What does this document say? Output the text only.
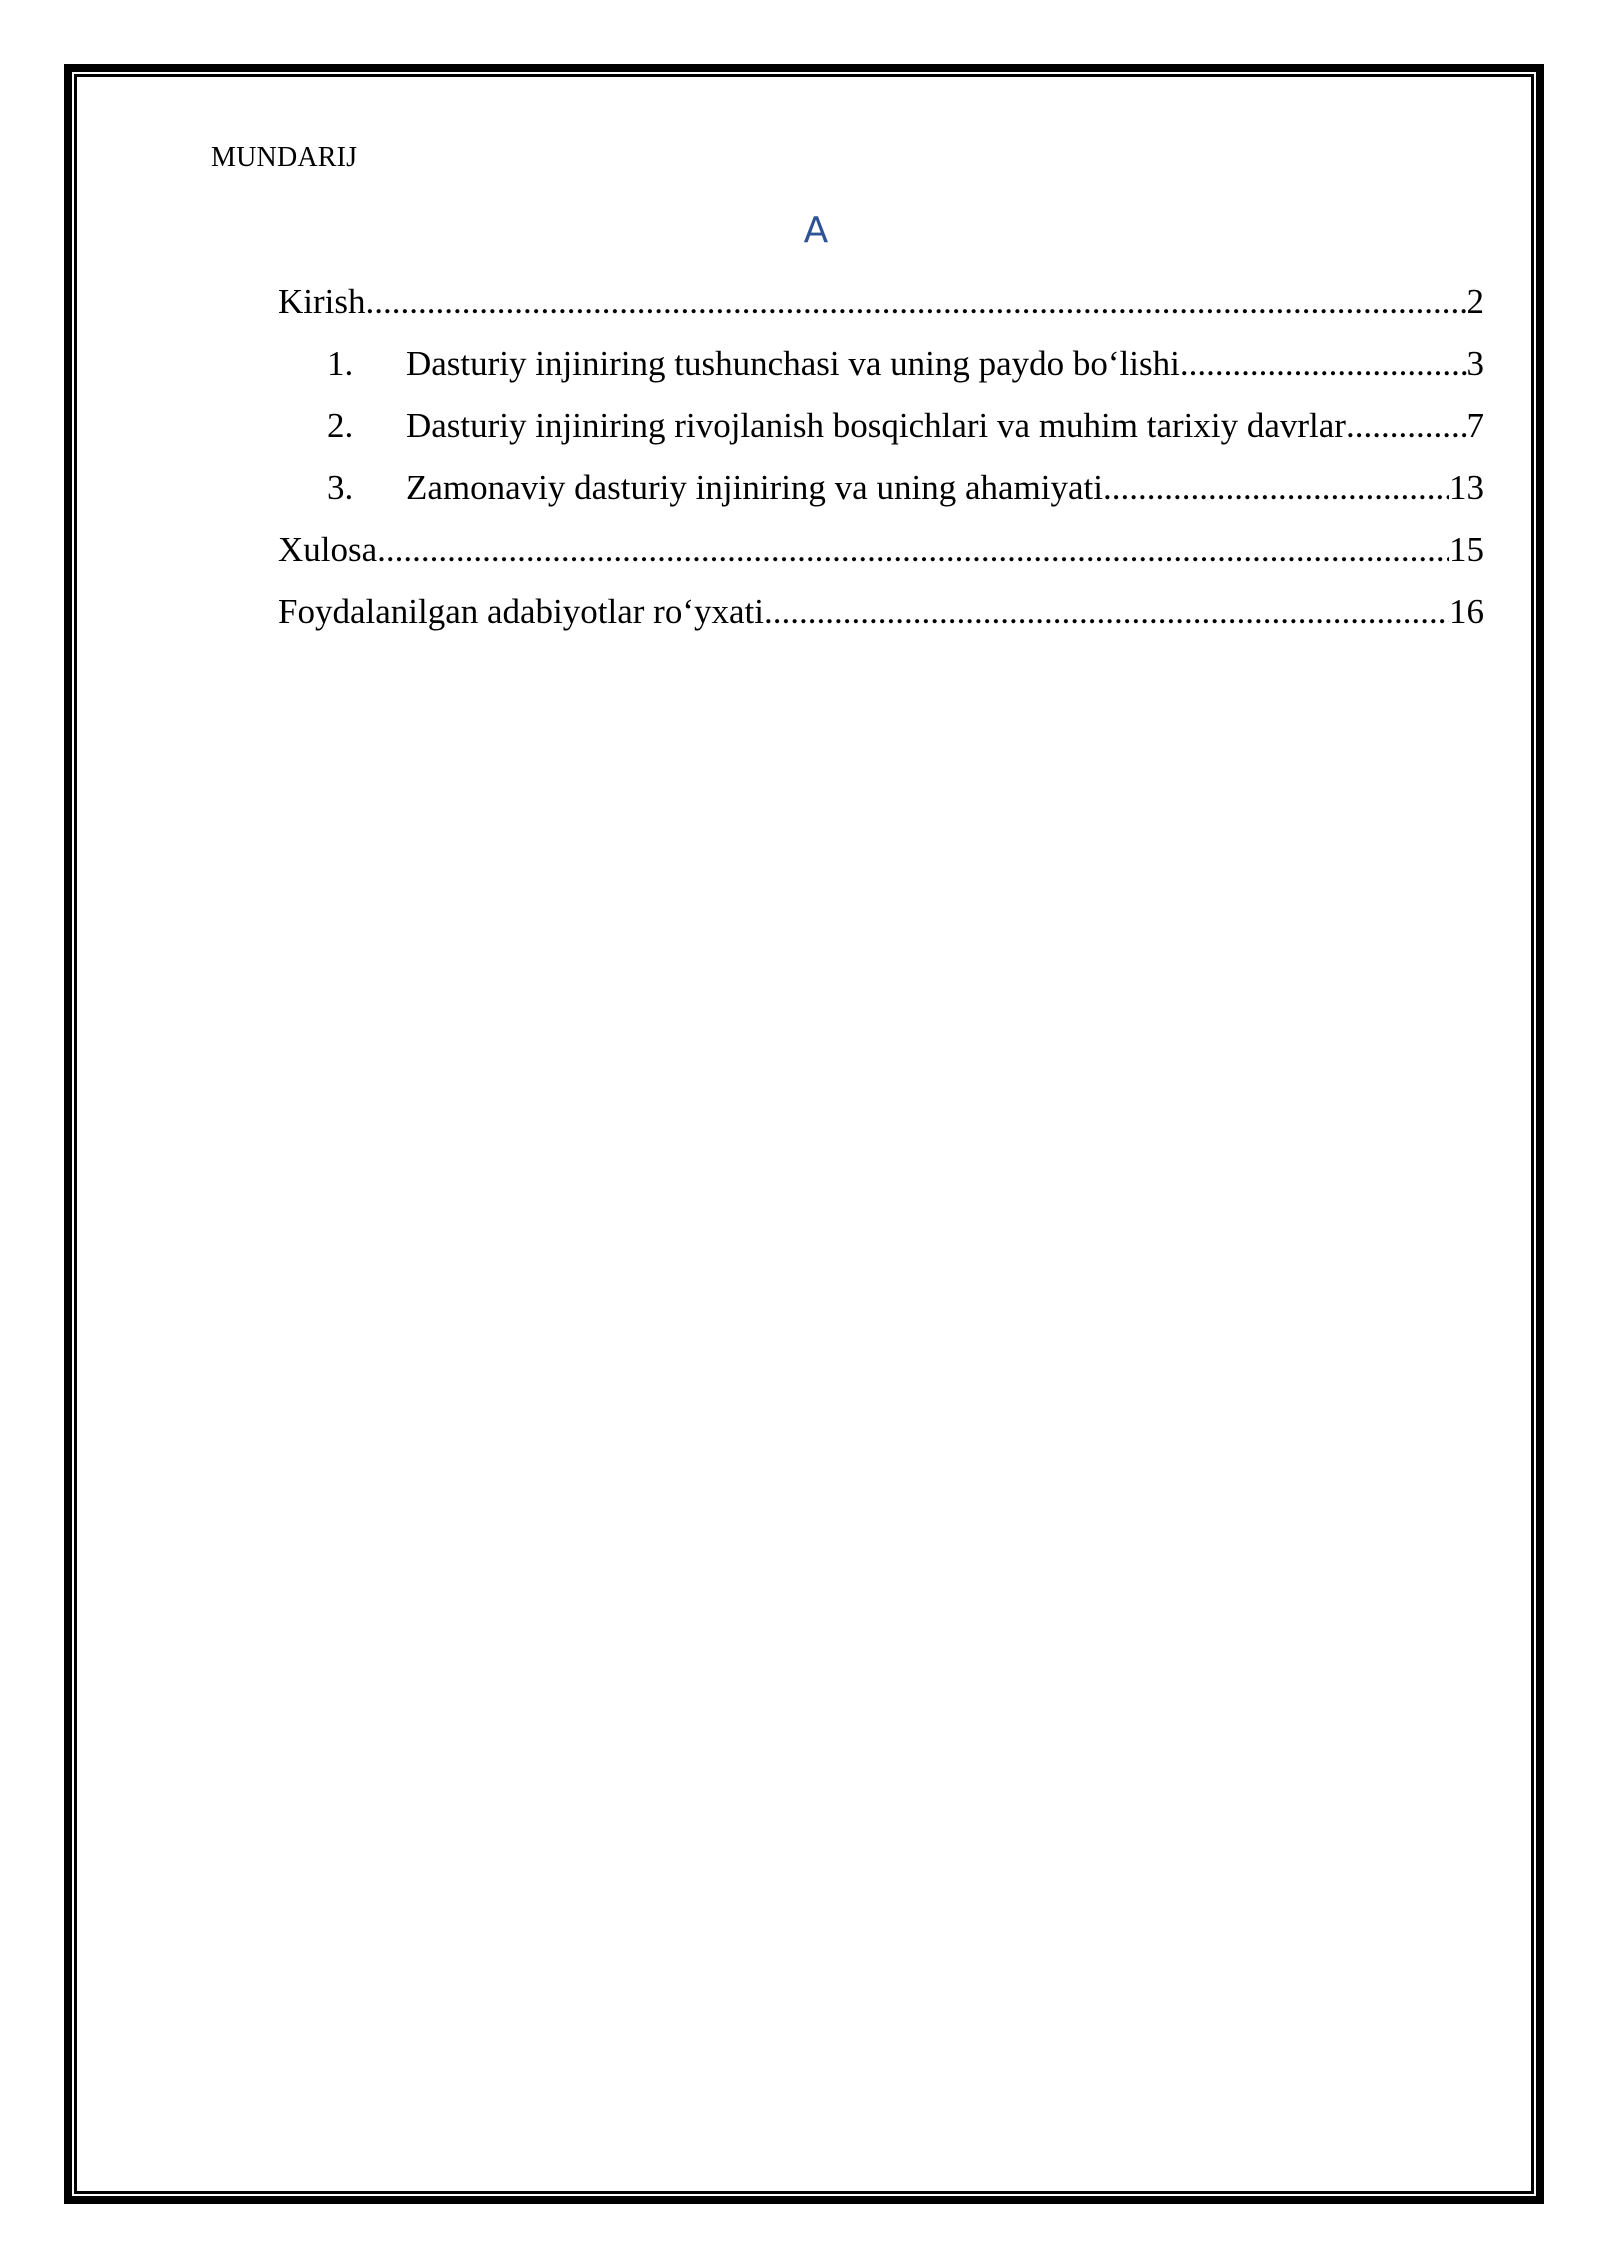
MUNDARIJ
A
Kirish .....	2
1.	Dasturiy injiniring tushunchasi va uning paydo bo‘lishi .....	3
2.	Dasturiy injiniring rivojlanish bosqichlari va muhim tarixiy davrlar .....	7
3.	Zamonaviy dasturiy injiniring va uning ahamiyati .....	13
Xulosa .....	15
Foydalanilgan adabiyotlar ro‘yxati .....	16
